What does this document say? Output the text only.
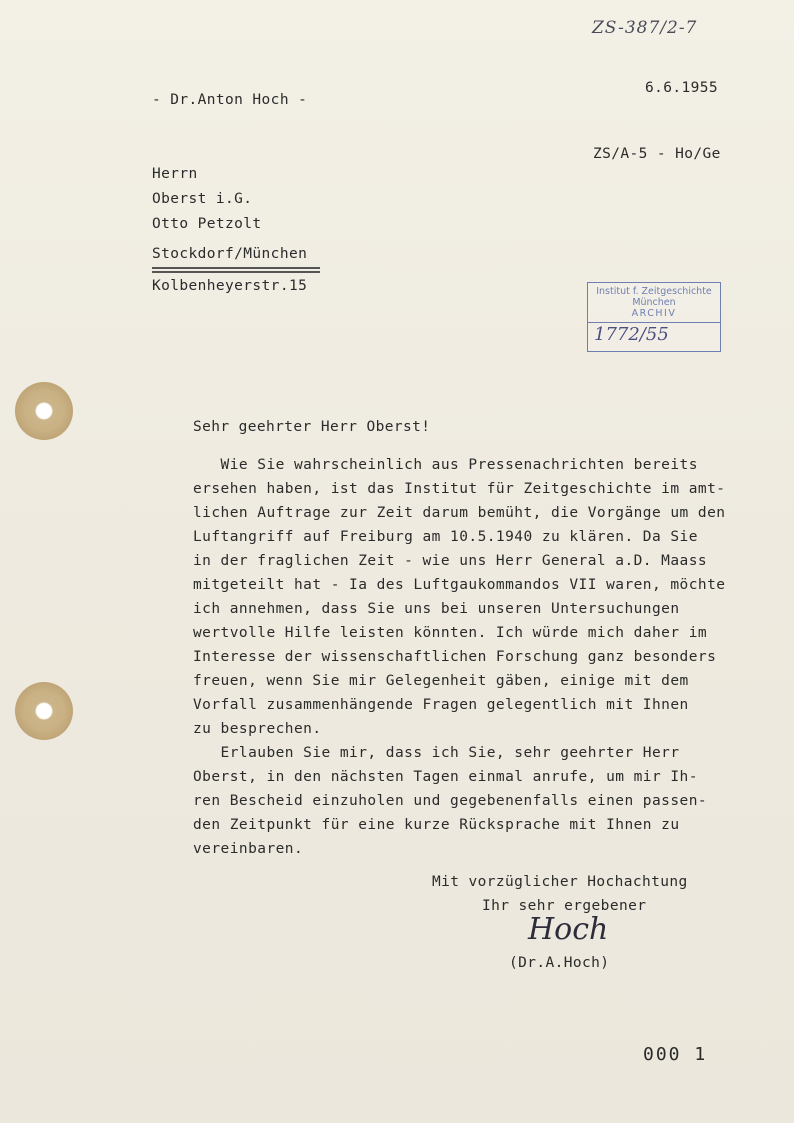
ZS-387/2-7
- Dr.Anton Hoch -
6.6.1955
ZS/A-5 - Ho/Ge
Herrn
Oberst i.G.
Otto Petzolt
Stockdorf/München
Kolbenheyerstr.15	Institut f. Zeitgeschichte
München
ARCHIV
1772/55
Sehr geehrter Herr Oberst!
Wie Sie wahrscheinlich aus Pressenachrichten bereits
ersehen haben, ist das Institut für Zeitgeschichte im amt-
lichen Auftrage zur Zeit darum bemüht, die Vorgänge um den
Luftangriff auf Freiburg am 10.5.1940 zu klären. Da Sie
in der fraglichen Zeit - wie uns Herr General a.D. Maass
mitgeteilt hat - Ia des Luftgaukommandos VII waren, möchte
ich annehmen, dass Sie uns bei unseren Untersuchungen
wertvolle Hilfe leisten könnten. Ich würde mich daher im
Interesse der wissenschaftlichen Forschung ganz besonders
freuen, wenn Sie mir Gelegenheit gäben, einige mit dem
Vorfall zusammenhängende Fragen gelegentlich mit Ihnen
zu besprechen.
Erlauben Sie mir, dass ich Sie, sehr geehrter Herr
Oberst, in den nächsten Tagen einmal anrufe, um mir Ih-
ren Bescheid einzuholen und gegebenenfalls einen passen-
den Zeitpunkt für eine kurze Rücksprache mit Ihnen zu
vereinbaren.
Mit vorzüglicher Hochachtung
Ihr sehr ergebener
Hoch
(Dr.A.Hoch)
000 1
